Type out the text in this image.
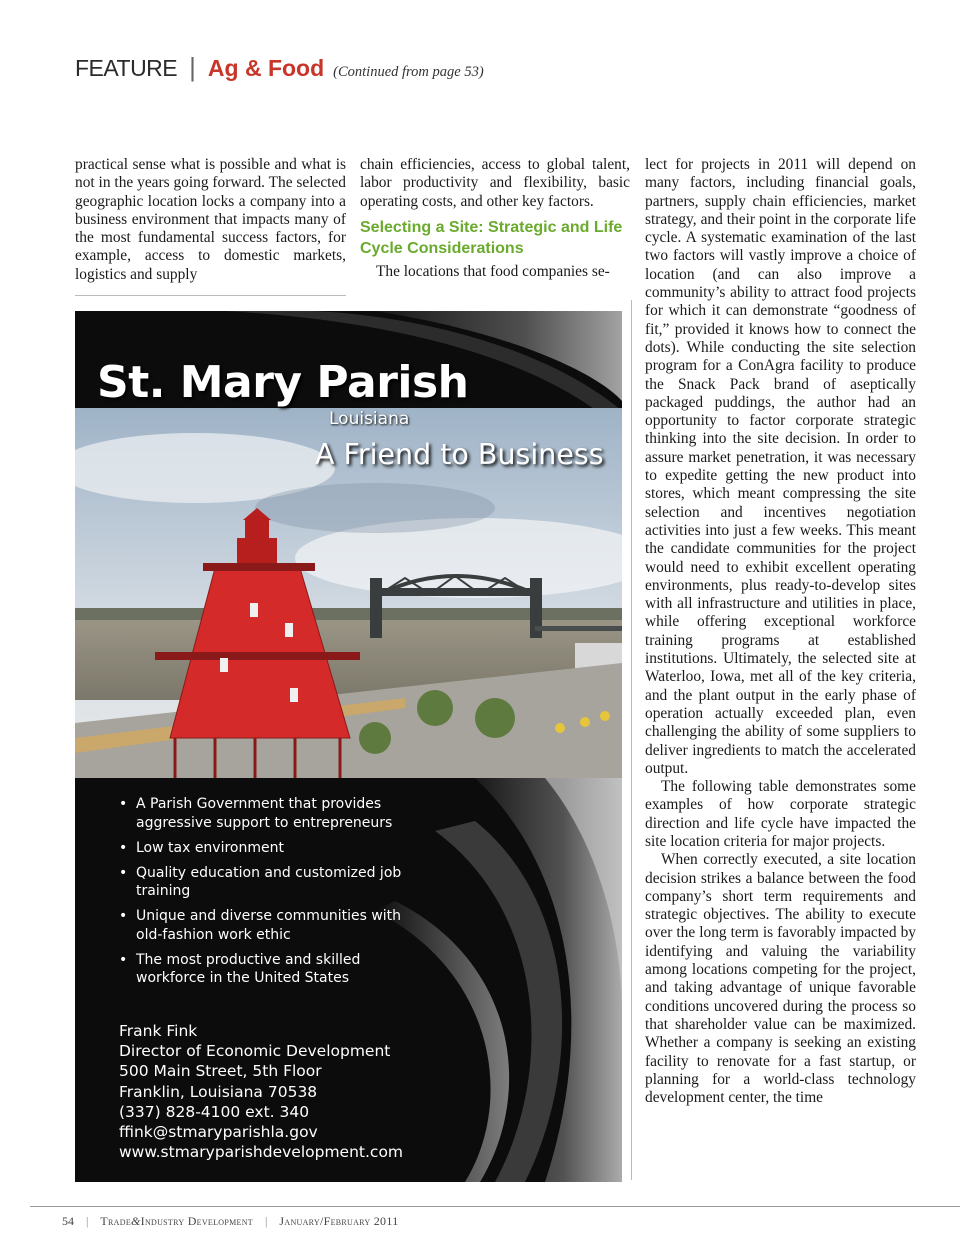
FEATURE | Ag & Food (Continued from page 53)

practical sense what is possible and what is not in the years going forward. The selected geographic location locks a company into a business environment that impacts many of the most fundamental success factors, for example, access to domestic markets, logistics and supply

chain efficiencies, access to global talent, labor productivity and flexibility, basic operating costs, and other key factors.

Selecting a Site: Strategic and Life Cycle Considerations

The locations that food companies se-

lect for projects in 2011 will depend on many factors, including financial goals, partners, supply chain efficiencies, market strategy, and their point in the corporate life cycle. A systematic examination of the last two factors will vastly improve a choice of location (and can also improve a community’s ability to attract food projects for which it can demonstrate “goodness of fit,” provided it knows how to connect the dots). While conducting the site selection program for a ConAgra facility to produce the Snack Pack brand of aseptically packaged puddings, the author had an opportunity to factor corporate strategic thinking into the site decision. In order to assure market penetration, it was necessary to expedite getting the new product into stores, which meant compressing the site selection and incentives negotiation activities into just a few weeks. This meant the candidate communities for the project would need to exhibit excellent operating environments, plus ready-to-develop sites with all infrastructure and utilities in place, while offering exceptional workforce training programs at established institutions. Ultimately, the selected site at Waterloo, Iowa, met all of the key criteria, and the plant output in the early phase of operation actually exceeded plan, even challenging the ability of some suppliers to deliver ingredients to match the accelerated output.

The following table demonstrates some examples of how corporate strategic direction and life cycle have impacted the site location criteria for major projects.

When correctly executed, a site location decision strikes a balance between the food company’s short term requirements and strategic objectives. The ability to execute over the long term is favorably impacted by identifying and valuing the variability among locations competing for the project, and taking advantage of unique favorable conditions uncovered during the process so that shareholder value can be maximized. Whether a company is seeking an existing facility to renovate for a fast startup, or planning for a world-class technology development center, the time

St. Mary Parish
Louisiana
A Friend to Business
• A Parish Government that provides aggressive support to entrepreneurs
• Low tax environment
• Quality education and customized job training
• Unique and diverse communities with old-fashion work ethic
• The most productive and skilled workforce in the United States
Frank Fink
Director of Economic Development
500 Main Street, 5th Floor
Franklin, Louisiana 70538
(337) 828-4100 ext. 340
ffink@stmaryparishla.gov
www.stmaryparishdevelopment.com
54 | Trade&Industry Development | January/February 2011
